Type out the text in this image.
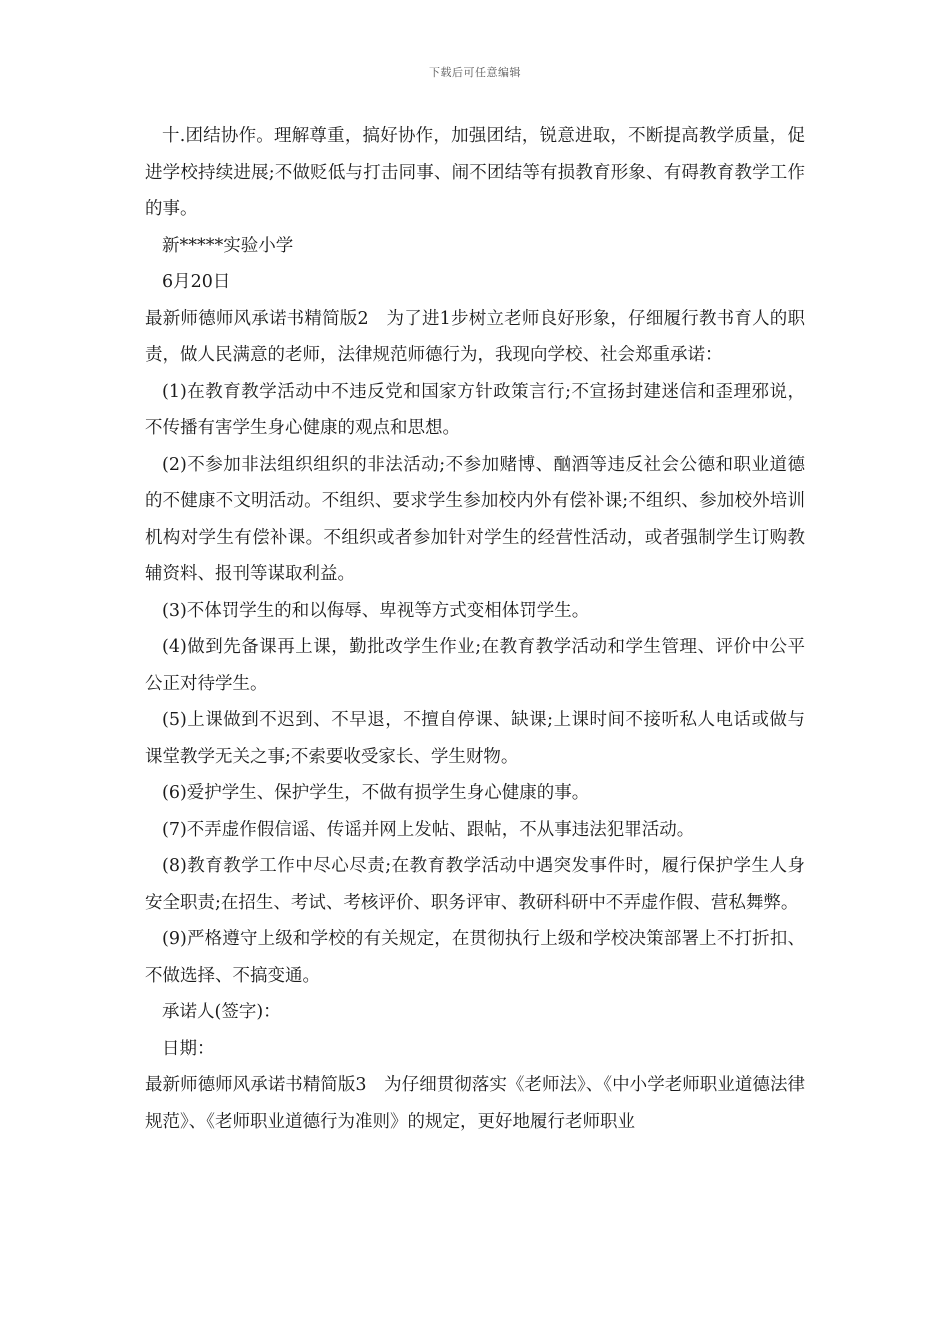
下载后可任意编辑

十.团结协作。理解尊重，搞好协作，加强团结，锐意进取，不断提高教学质量，促进学校持续进展;不做贬低与打击同事、闹不团结等有损教育形象、有碍教育教学工作的事。

新*****实验小学

6月20日

最新师德师风承诺书精简版2　为了进1步树立老师良好形象，仔细履行教书育人的职责，做人民满意的老师，法律规范师德行为，我现向学校、社会郑重承诺：

(1)在教育教学活动中不违反党和国家方针政策言行;不宣扬封建迷信和歪理邪说，不传播有害学生身心健康的观点和思想。

(2)不参加非法组织组织的非法活动;不参加赌博、酗酒等违反社会公德和职业道德的不健康不文明活动。不组织、要求学生参加校内外有偿补课;不组织、参加校外培训机构对学生有偿补课。不组织或者参加针对学生的经营性活动，或者强制学生订购教辅资料、报刊等谋取利益。

(3)不体罚学生的和以侮辱、卑视等方式变相体罚学生。

(4)做到先备课再上课，勤批改学生作业;在教育教学活动和学生管理、评价中公平公正对待学生。

(5)上课做到不迟到、不早退，不擅自停课、缺课;上课时间不接听私人电话或做与课堂教学无关之事;不索要收受家长、学生财物。

(6)爱护学生、保护学生，不做有损学生身心健康的事。

(7)不弄虚作假信谣、传谣并网上发帖、跟帖，不从事违法犯罪活动。

(8)教育教学工作中尽心尽责;在教育教学活动中遇突发事件时，履行保护学生人身安全职责;在招生、考试、考核评价、职务评审、教研科研中不弄虚作假、营私舞弊。

(9)严格遵守上级和学校的有关规定，在贯彻执行上级和学校决策部署上不打折扣、不做选择、不搞变通。

承诺人(签字)：

日期：

最新师德师风承诺书精简版3　为仔细贯彻落实《老师法》、《中小学老师职业道德法律规范》、《老师职业道德行为准则》的规定，更好地履行老师职业
